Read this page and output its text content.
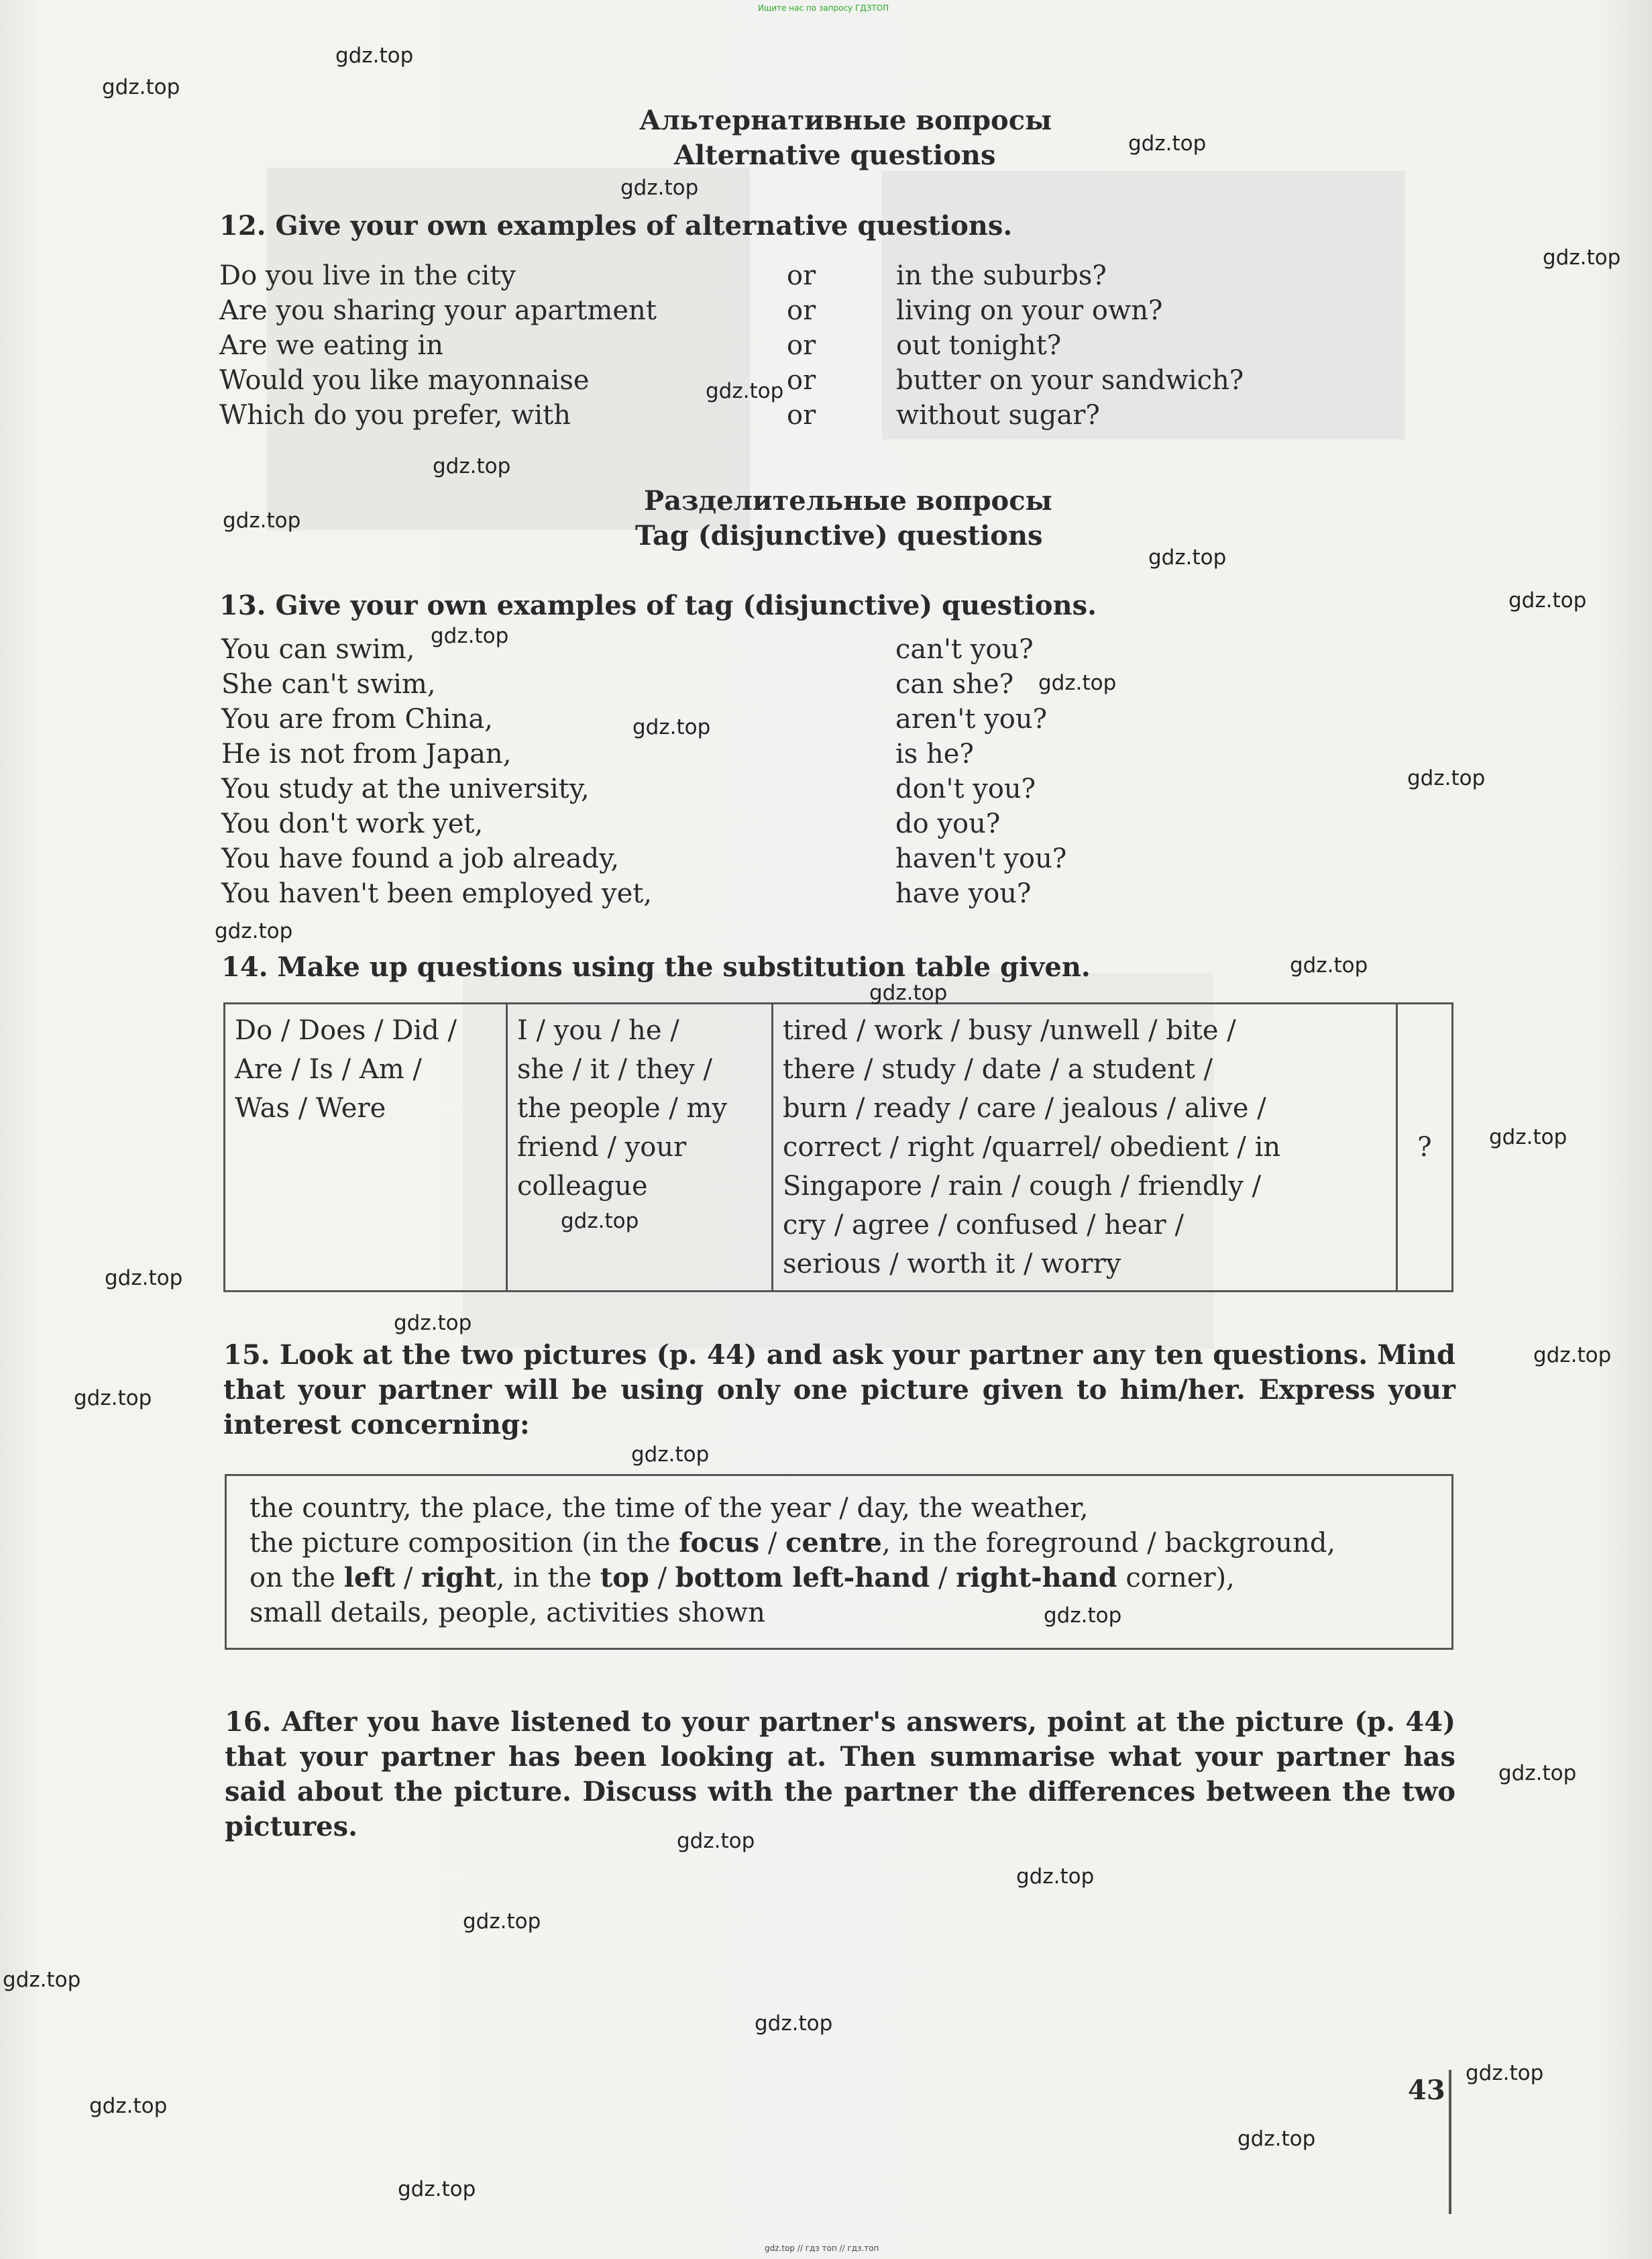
Ищите нас по запросу ГДЗТОП
gdz.top // гдз топ // гдз.топ
Альтернативные вопросы
Alternative questions
12. Give your own examples of alternative questions.
Do you live in the city	or	in the suburbs?
Are you sharing your apartment	or	living on your own?
Are we eating in	or	out tonight?
Would you like mayonnaise	or	butter on your sandwich?
Which do you prefer, with	or	without sugar?
Разделительные вопросы
Tag (disjunctive) questions
13. Give your own examples of tag (disjunctive) questions.
You can swim,	can't you?
She can't swim,	can she?
You are from China,	aren't you?
He is not from Japan,	is he?
You study at the university,	don't you?
You don't work yet,	do you?
You have found a job already,	haven't you?
You haven't been employed yet,	have you?
14. Make up questions using the substitution table given.
Do / Does / Did /
Are / Is / Am /
Was / Were

I / you / he /
she / it / they /
the people / my
friend / your
colleague

tired / work / busy /unwell / bite /
there / study / date / a student /
burn / ready / care / jealous / alive /
correct / right /quarrel/ obedient / in
Singapore / rain / cough / friendly /
cry / agree / confused / hear /
serious / worth it / worry
	?
15. Look at the two pictures (p. 44) and ask your partner any ten questions. Mind that your partner will be using only one picture given to him/her. Express your interest concerning:
the country, the place, the time of the year / day, the weather,
the picture composition (in the focus / centre, in the foreground / background,
on the left / right, in the top / bottom left-hand / right-hand corner),
small details, people, activities shown
16. After you have listened to your partner's answers, point at the picture (p. 44) that your partner has been looking at. Then summarise what your partner has said about the picture. Discuss with the partner the differences between the two pictures.
43
gdz.top
gdz.top
gdz.top
gdz.top
gdz.top
gdz.top
gdz.top
gdz.top
gdz.top
gdz.top
gdz.top
gdz.top
gdz.top
gdz.top
gdz.top
gdz.top
gdz.top
gdz.top
gdz.top
gdz.top
gdz.top
gdz.top
gdz.top
gdz.top
gdz.top
gdz.top
gdz.top
gdz.top
gdz.top
gdz.top
gdz.top
gdz.top
gdz.top
gdz.top
gdz.top
